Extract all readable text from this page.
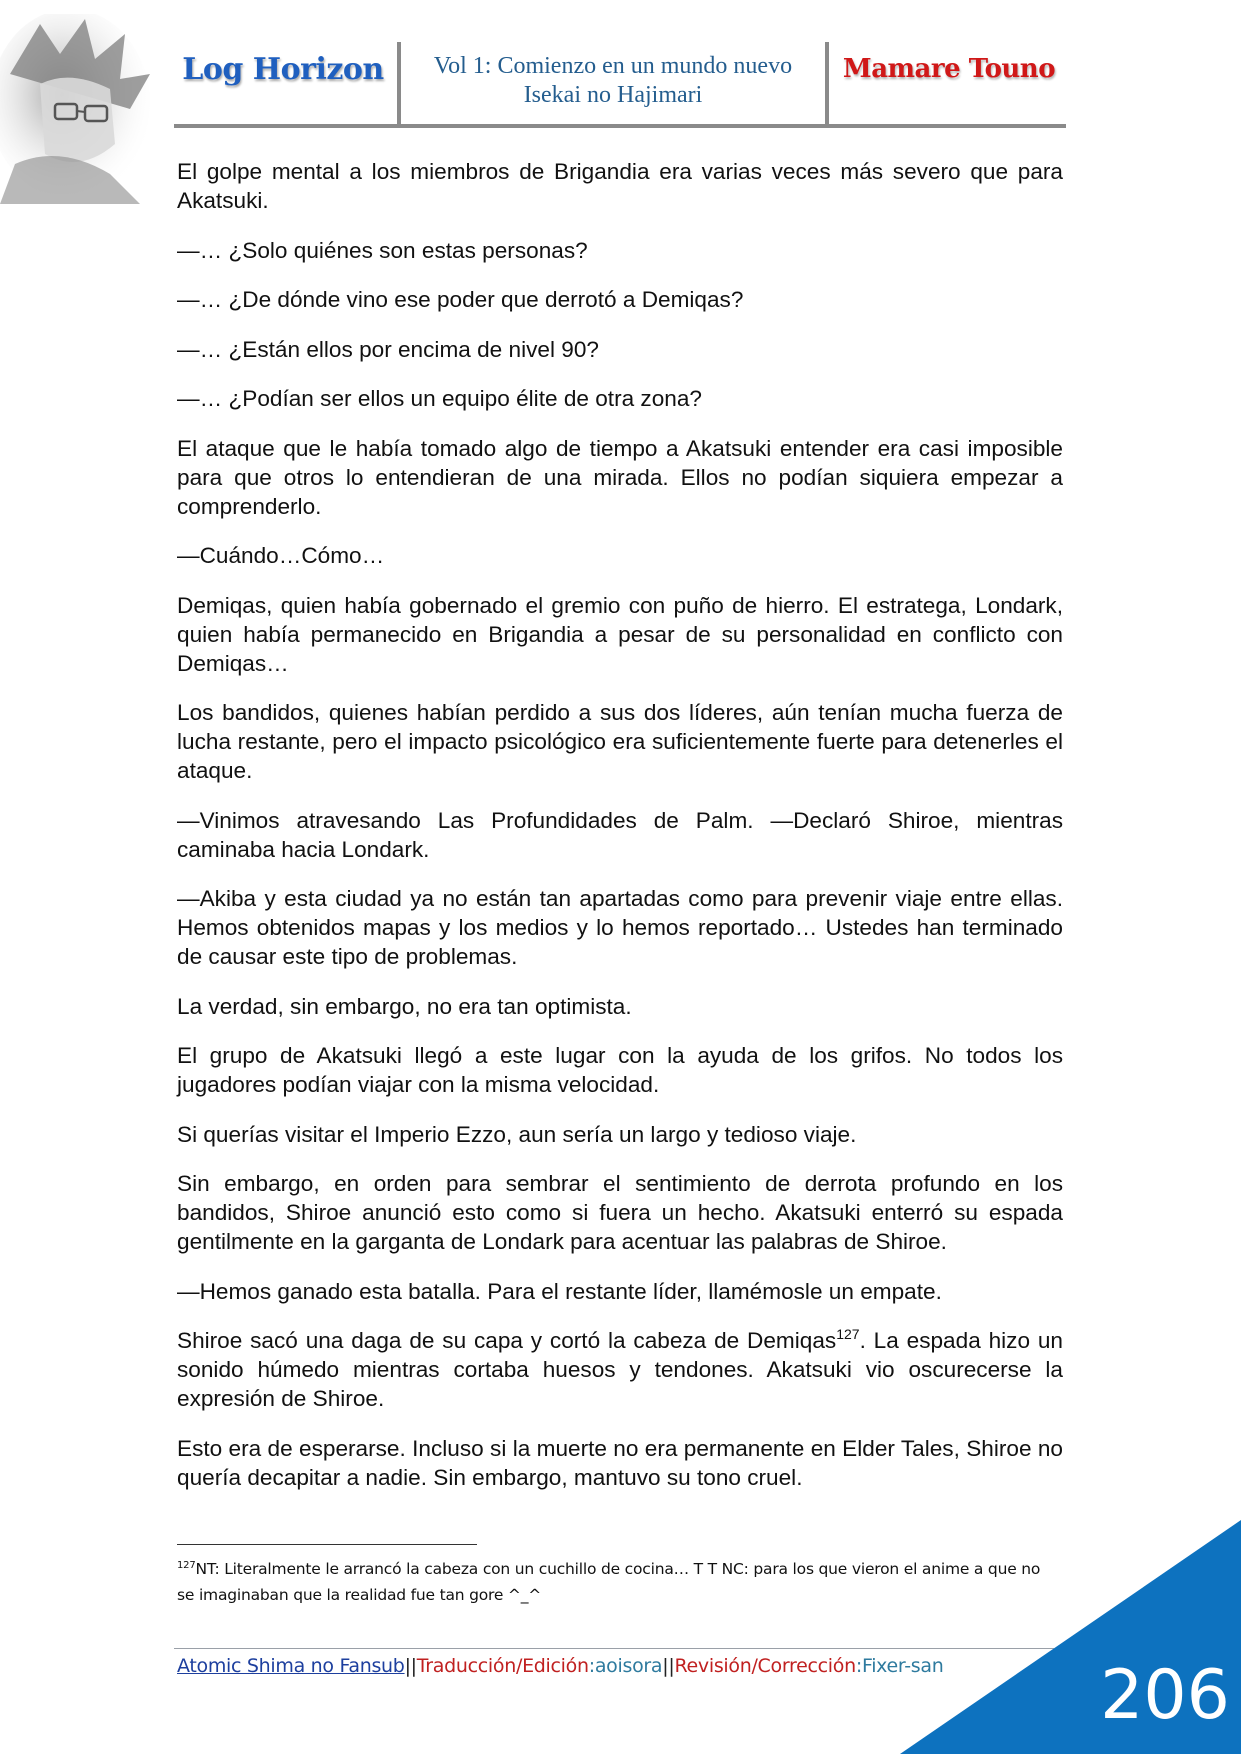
Log Horizon	Vol 1: Comienzo en un mundo nuevo
Isekai no Hajimari
Mamare Touno

El golpe mental a los miembros de Brigandia era varias veces más severo que para Akatsuki.

—… ¿Solo quiénes son estas personas?

—… ¿De dónde vino ese poder que derrotó a Demiqas?

—… ¿Están ellos por encima de nivel 90?

—… ¿Podían ser ellos un equipo élite de otra zona?

El ataque que le había tomado algo de tiempo a Akatsuki entender era casi imposible para que otros lo entendieran de una mirada. Ellos no podían siquiera empezar a comprenderlo.

—Cuándo…Cómo…

Demiqas, quien había gobernado el gremio con puño de hierro. El estratega, Londark, quien había permanecido en Brigandia a pesar de su personalidad en conflicto con Demiqas…

Los bandidos, quienes habían perdido a sus dos líderes, aún tenían mucha fuerza de lucha restante, pero el impacto psicológico era suficientemente fuerte para detenerles el ataque.

—Vinimos atravesando Las Profundidades de Palm. —Declaró Shiroe, mientras caminaba hacia Londark.

—Akiba y esta ciudad ya no están tan apartadas como para prevenir viaje entre ellas. Hemos obtenidos mapas y los medios y lo hemos reportado… Ustedes han terminado de causar este tipo de problemas.

La verdad, sin embargo, no era tan optimista.

El grupo de Akatsuki llegó a este lugar con la ayuda de los grifos. No todos los jugadores podían viajar con la misma velocidad.

Si querías visitar el Imperio Ezzo, aun sería un largo y tedioso viaje.

Sin embargo, en orden para sembrar el sentimiento de derrota profundo en los bandidos, Shiroe anunció esto como si fuera un hecho. Akatsuki enterró su espada gentilmente en la garganta de Londark para acentuar las palabras de Shiroe.

—Hemos ganado esta batalla. Para el restante líder, llamémosle un empate.

Shiroe sacó una daga de su capa y cortó la cabeza de Demiqas$^{127}$. La espada hizo un sonido húmedo mientras cortaba huesos y tendones. Akatsuki vio oscurecerse la expresión de Shiroe.

Esto era de esperarse. Incluso si la muerte no era permanente en Elder Tales, Shiroe no quería decapitar a nadie. Sin embargo, mantuvo su tono cruel.

$^{127}$NT: Literalmente le arrancó la cabeza con un cuchillo de cocina… T T NC: para los que vieron el anime a que no se imaginaban que la realidad fue tan gore ^_^
Atomic Shima no Fansub||Traducción/Edición:aoisora||Revisión/Corrección:Fixer-san 206
